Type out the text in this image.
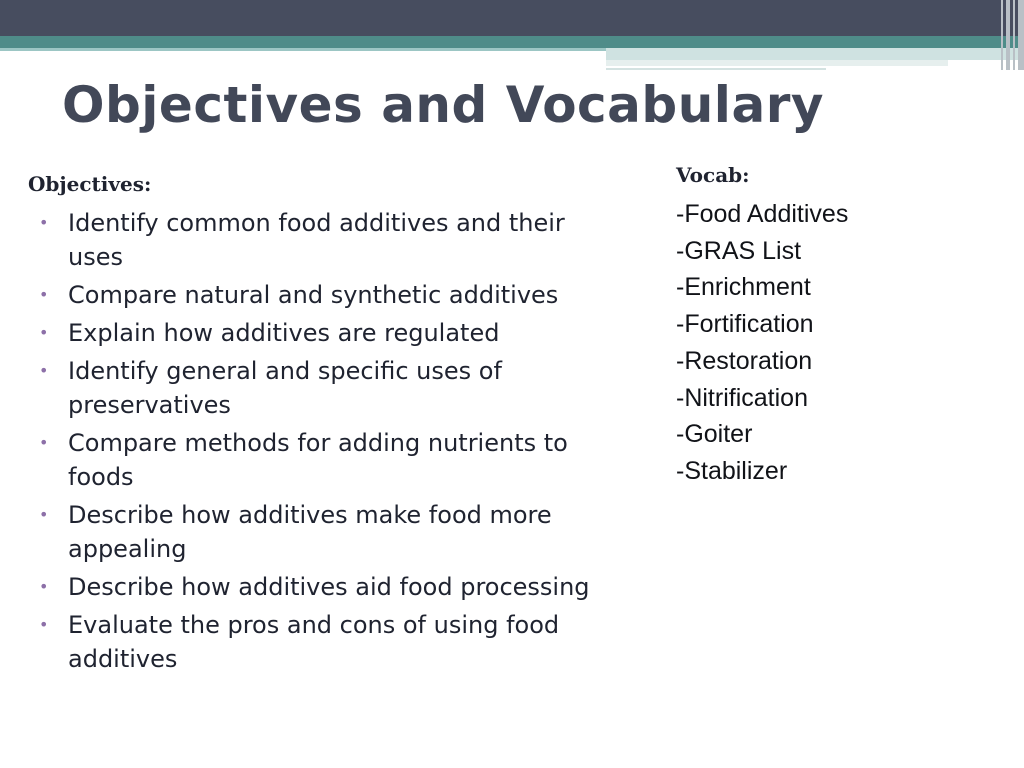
Objectives and Vocabulary
Objectives:
• Identify common food additives and their uses
• Compare natural and synthetic additives
• Explain how additives are regulated
• Identify general and specific uses of preservatives
• Compare methods for adding nutrients to foods
• Describe how additives make food more appealing
• Describe how additives aid food processing
• Evaluate the pros and cons of using food additives
Vocab:
-Food Additives
-GRAS List
-Enrichment
-Fortification
-Restoration
-Nitrification
-Goiter
-Stabilizer
